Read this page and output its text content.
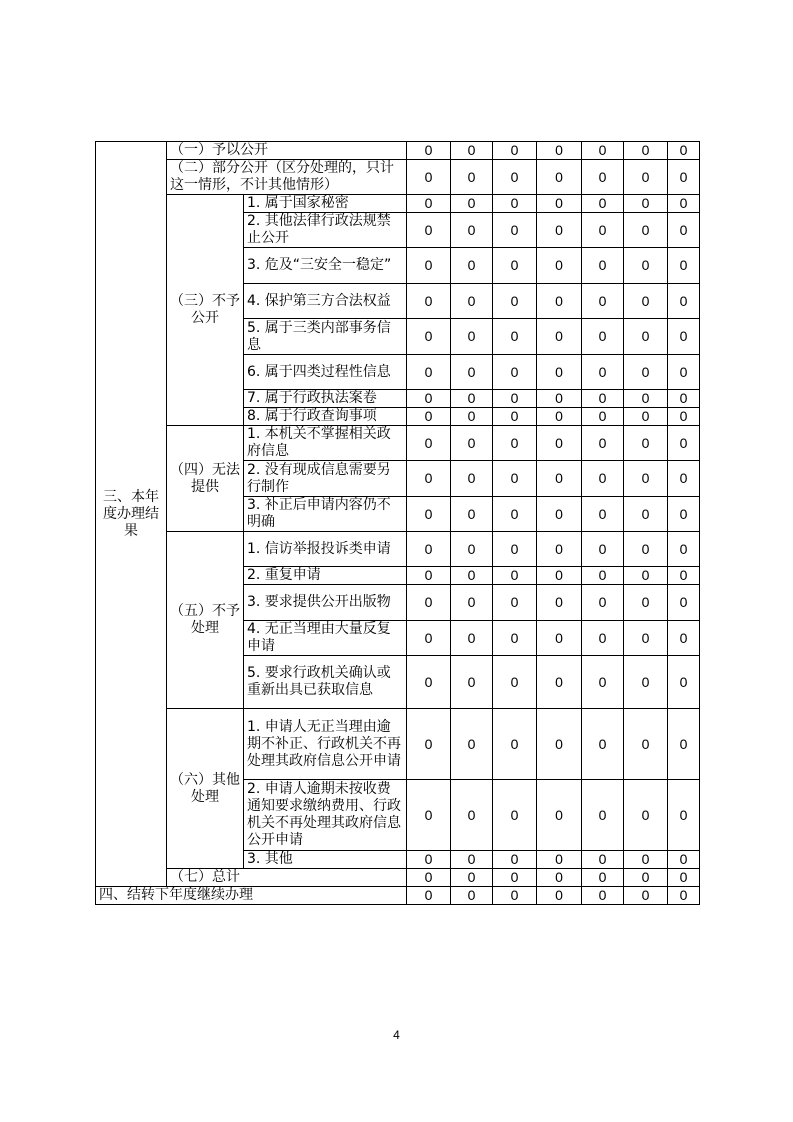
三、本年度办理结果	（一）予以公开		0	0	0	0	0	0	0
	（二）部分公开（区分处理的，只计这一情形，不计其他情形）		0	0	0	0	0	0	0
	（三）不予公开	1. 属于国家秘密	0	0	0	0	0	0	0
		2. 其他法律行政法规禁止公开	0	0	0	0	0	0	0
		3. 危及“三安全一稳定”	0	0	0	0	0	0	0
		4. 保护第三方合法权益	0	0	0	0	0	0	0
		5. 属于三类内部事务信息	0	0	0	0	0	0	0
		6. 属于四类过程性信息	0	0	0	0	0	0	0
		7. 属于行政执法案卷	0	0	0	0	0	0	0
		8. 属于行政查询事项	0	0	0	0	0	0	0
	（四）无法提供	1. 本机关不掌握相关政府信息	0	0	0	0	0	0	0
		2. 没有现成信息需要另行制作	0	0	0	0	0	0	0
		3. 补正后申请内容仍不明确	0	0	0	0	0	0	0
	（五）不予处理	1. 信访举报投诉类申请	0	0	0	0	0	0	0
		2. 重复申请	0	0	0	0	0	0	0
		3. 要求提供公开出版物	0	0	0	0	0	0	0
		4. 无正当理由大量反复申请	0	0	0	0	0	0	0
		5. 要求行政机关确认或重新出具已获取信息	0	0	0	0	0	0	0
	（六）其他处理	1. 申请人无正当理由逾期不补正、行政机关不再处理其政府信息公开申请	0	0	0	0	0	0	0
		2. 申请人逾期未按收费通知要求缴纳费用、行政机关不再处理其政府信息公开申请	0	0	0	0	0	0	0
		3. 其他	0	0	0	0	0	0	0
	（七）总计		0	0	0	0	0	0	0
四、结转下年度继续办理			0	0	0	0	0	0	0
4
